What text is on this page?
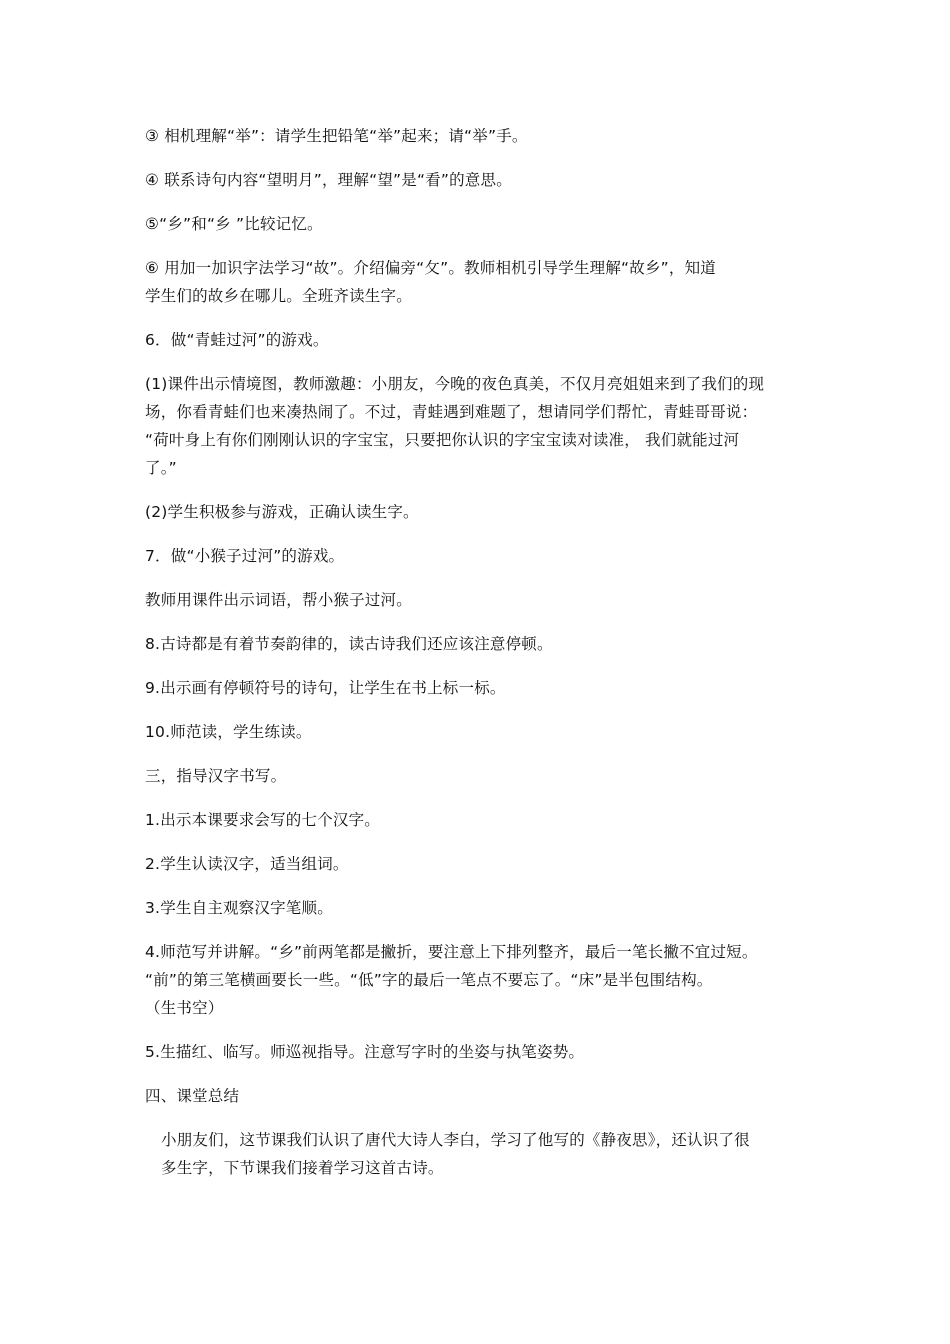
③ 相机理解“举”：请学生把铅笔“举”起来；请“举”手。

④ 联系诗句内容“望明月”，理解“望”是“看”的意思。

⑤“乡”和“乡 ”比较记忆。

⑥ 用加一加识字法学习“故”。介绍偏旁“攵”。教师相机引导学生理解“故乡”，知道
学生们的故乡在哪儿。全班齐读生字。

6．做“青蛙过河”的游戏。

(1)课件出示情境图，教师激趣：小朋友，今晚的夜色真美，不仅月亮姐姐来到了我们的现
场，你看青蛙们也来凑热闹了。不过，青蛙遇到难题了，想请同学们帮忙，青蛙哥哥说：
“荷叶身上有你们刚刚认识的字宝宝，只要把你认识的字宝宝读对读准， 我们就能过河
了。”

(2)学生积极参与游戏，正确认读生字。

7．做“小猴子过河”的游戏。

教师用课件出示词语，帮小猴子过河。

8.古诗都是有着节奏韵律的，读古诗我们还应该注意停顿。

9.出示画有停顿符号的诗句，让学生在书上标一标。

10.师范读，学生练读。

三，指导汉字书写。

1.出示本课要求会写的七个汉字。

2.学生认读汉字，适当组词。

3.学生自主观察汉字笔顺。

4.师范写并讲解。“乡”前两笔都是撇折，要注意上下排列整齐，最后一笔长撇不宜过短。
“前”的第三笔横画要长一些。“低”字的最后一笔点不要忘了。“床”是半包围结构。
（生书空）

5.生描红、临写。师巡视指导。注意写字时的坐姿与执笔姿势。

四、课堂总结

小朋友们，这节课我们认识了唐代大诗人李白，学习了他写的《静夜思》，还认识了很
多生字，下节课我们接着学习这首古诗。
